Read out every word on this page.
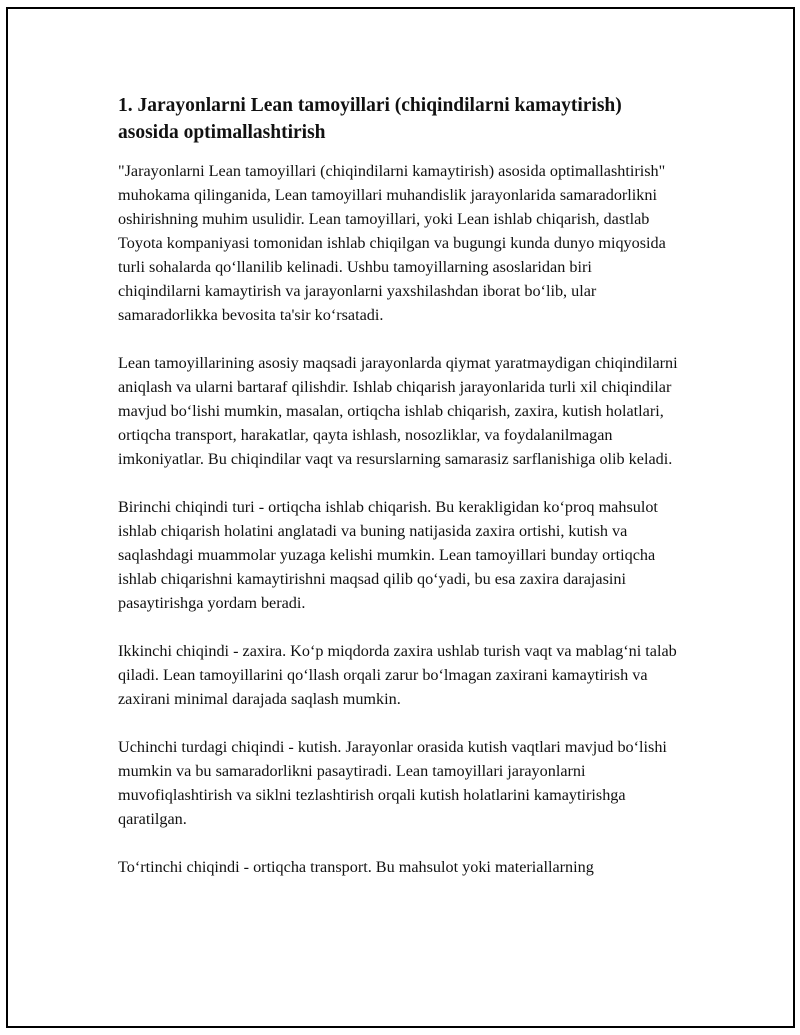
1. Jarayonlarni Lean tamoyillari (chiqindilarni kamaytirish) asosida optimallashtirish

"Jarayonlarni Lean tamoyillari (chiqindilarni kamaytirish) asosida optimallashtirish" muhokama qilinganida, Lean tamoyillari muhandislik jarayonlarida samaradorlikni oshirishning muhim usulidir. Lean tamoyillari, yoki Lean ishlab chiqarish, dastlab Toyota kompaniyasi tomonidan ishlab chiqilgan va bugungi kunda dunyo miqyosida turli sohalarda qo‘llanilib kelinadi. Ushbu tamoyillarning asoslaridan biri chiqindilarni kamaytirish va jarayonlarni yaxshilashdan iborat bo‘lib, ular samaradorlikka bevosita ta'sir ko‘rsatadi.

Lean tamoyillarining asosiy maqsadi jarayonlarda qiymat yaratmaydigan chiqindilarni aniqlash va ularni bartaraf qilishdir. Ishlab chiqarish jarayonlarida turli xil chiqindilar mavjud bo‘lishi mumkin, masalan, ortiqcha ishlab chiqarish, zaxira, kutish holatlari, ortiqcha transport, harakatlar, qayta ishlash, nosozliklar, va foydalanilmagan imkoniyatlar. Bu chiqindilar vaqt va resurslarning samarasiz sarflanishiga olib keladi.

Birinchi chiqindi turi - ortiqcha ishlab chiqarish. Bu kerakligidan ko‘proq mahsulot ishlab chiqarish holatini anglatadi va buning natijasida zaxira ortishi, kutish va saqlashdagi muammolar yuzaga kelishi mumkin. Lean tamoyillari bunday ortiqcha ishlab chiqarishni kamaytirishni maqsad qilib qo‘yadi, bu esa zaxira darajasini pasaytirishga yordam beradi.

Ikkinchi chiqindi - zaxira. Ko‘p miqdorda zaxira ushlab turish vaqt va mablag‘ni talab qiladi. Lean tamoyillarini qo‘llash orqali zarur bo‘lmagan zaxirani kamaytirish va zaxirani minimal darajada saqlash mumkin.

Uchinchi turdagi chiqindi - kutish. Jarayonlar orasida kutish vaqtlari mavjud bo‘lishi mumkin va bu samaradorlikni pasaytiradi. Lean tamoyillari jarayonlarni muvofiqlashtirish va siklni tezlashtirish orqali kutish holatlarini kamaytirishga qaratilgan.

To‘rtinchi chiqindi - ortiqcha transport. Bu mahsulot yoki materiallarning
